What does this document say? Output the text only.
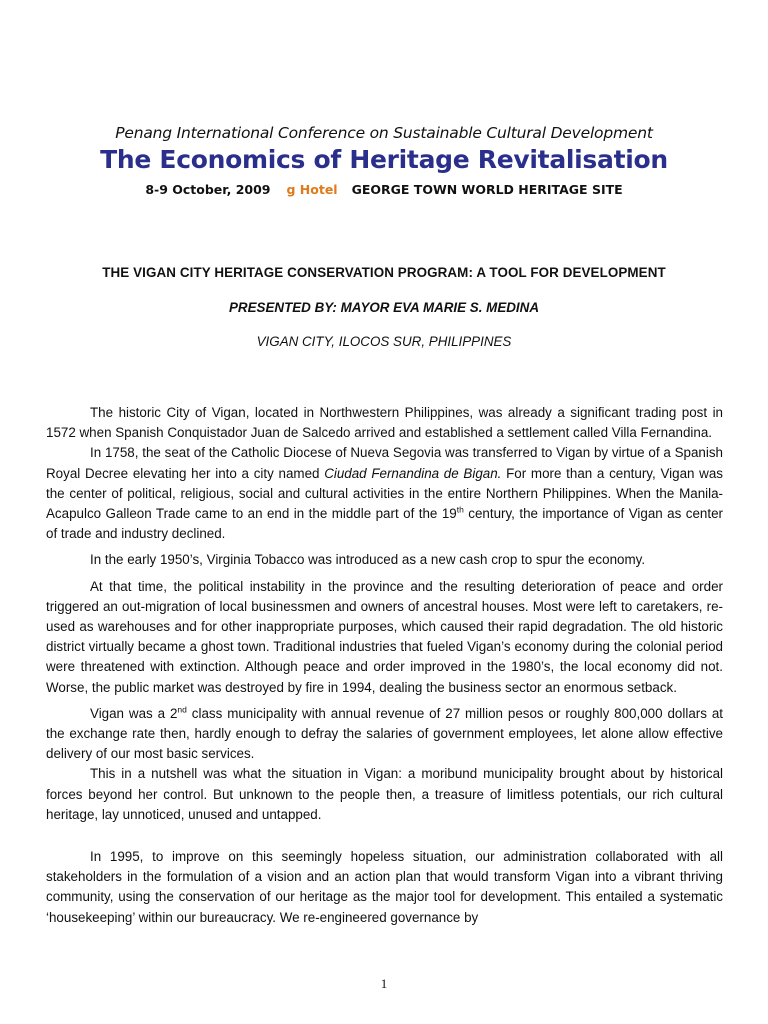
Penang International Conference on Sustainable Cultural Development
The Economics of Heritage Revitalisation
8-9 October, 2009 g Hotel GEORGE TOWN WORLD HERITAGE SITE
THE VIGAN CITY HERITAGE CONSERVATION PROGRAM: A TOOL FOR DEVELOPMENT
PRESENTED BY: MAYOR EVA MARIE S. MEDINA
VIGAN CITY, ILOCOS SUR, PHILIPPINES

The historic City of Vigan, located in Northwestern Philippines, was already a significant trading post in 1572 when Spanish Conquistador Juan de Salcedo arrived and established a settlement called Villa Fernandina.

In 1758, the seat of the Catholic Diocese of Nueva Segovia was transferred to Vigan by virtue of a Spanish Royal Decree elevating her into a city named Ciudad Fernandina de Bigan. For more than a century, Vigan was the center of political, religious, social and cultural activities in the entire Northern Philippines. When the Manila-Acapulco Galleon Trade came to an end in the middle part of the 19th century, the importance of Vigan as center of trade and industry declined.

In the early 1950’s, Virginia Tobacco was introduced as a new cash crop to spur the economy.

At that time, the political instability in the province and the resulting deterioration of peace and order triggered an out-migration of local businessmen and owners of ancestral houses. Most were left to caretakers, re-used as warehouses and for other inappropriate purposes, which caused their rapid degradation. The old historic district virtually became a ghost town. Traditional industries that fueled Vigan’s economy during the colonial period were threatened with extinction. Although peace and order improved in the 1980’s, the local economy did not. Worse, the public market was destroyed by fire in 1994, dealing the business sector an enormous setback.

Vigan was a 2nd class municipality with annual revenue of 27 million pesos or roughly 800,000 dollars at the exchange rate then, hardly enough to defray the salaries of government employees, let alone allow effective delivery of our most basic services.

This in a nutshell was what the situation in Vigan: a moribund municipality brought about by historical forces beyond her control. But unknown to the people then, a treasure of limitless potentials, our rich cultural heritage, lay unnoticed, unused and untapped.

In 1995, to improve on this seemingly hopeless situation, our administration collaborated with all stakeholders in the formulation of a vision and an action plan that would transform Vigan into a vibrant thriving community, using the conservation of our heritage as the major tool for development. This entailed a systematic ‘housekeeping’ within our bureaucracy. We re-engineered governance by

1
